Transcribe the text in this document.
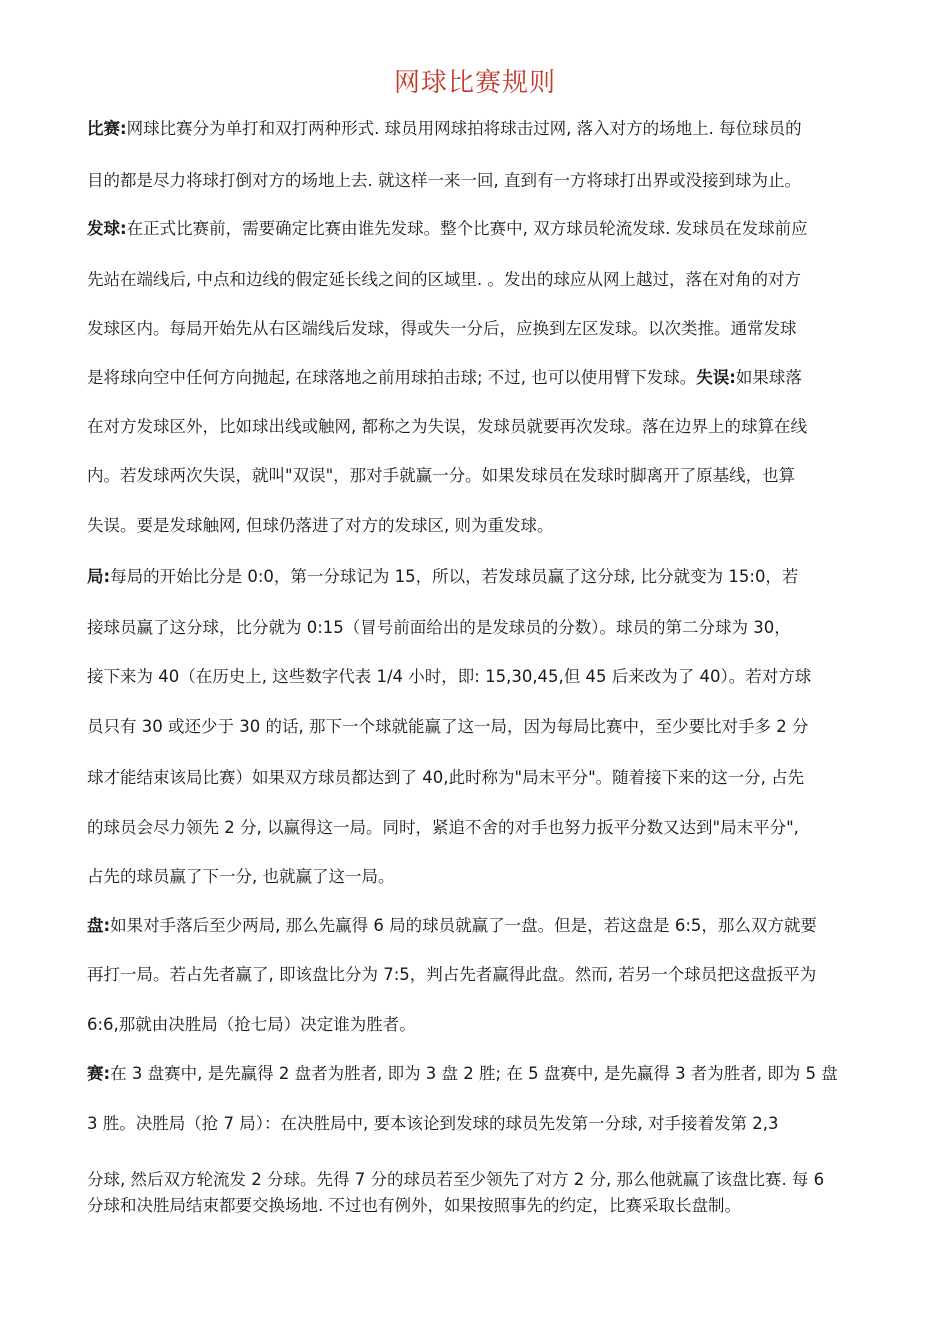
网球比赛规则
比赛:网球比赛分为单打和双打两种形式. 球员用网球拍将球击过网, 落入对方的场地上. 每位球员的
目的都是尽力将球打倒对方的场地上去. 就这样一来一回, 直到有一方将球打出界或没接到球为止。
发球:在正式比赛前，需要确定比赛由谁先发球。整个比赛中, 双方球员轮流发球. 发球员在发球前应
先站在端线后, 中点和边线的假定延长线之间的区域里. 。发出的球应从网上越过，落在对角的对方
发球区内。每局开始先从右区端线后发球，得或失一分后，应换到左区发球。以次类推。通常发球
是将球向空中任何方向抛起, 在球落地之前用球拍击球; 不过, 也可以使用臂下发球。失误:如果球落
在对方发球区外，比如球出线或触网, 都称之为失误，发球员就要再次发球。落在边界上的球算在线
内。若发球两次失误，就叫"双误"，那对手就赢一分。如果发球员在发球时脚离开了原基线，也算
失误。要是发球触网, 但球仍落进了对方的发球区, 则为重发球。
局:每局的开始比分是 0:0，第一分球记为 15，所以，若发球员赢了这分球, 比分就变为 15:0，若
接球员赢了这分球，比分就为 0:15（冒号前面给出的是发球员的分数）。球员的第二分球为 30，
接下来为 40（在历史上, 这些数字代表 1/4 小时，即: 15,30,45,但 45 后来改为了 40）。若对方球
员只有 30 或还少于 30 的话, 那下一个球就能赢了这一局，因为每局比赛中，至少要比对手多 2 分
球才能结束该局比赛）如果双方球员都达到了 40,此时称为"局末平分"。随着接下来的这一分, 占先
的球员会尽力领先 2 分, 以赢得这一局。同时，紧追不舍的对手也努力扳平分数又达到"局末平分",
占先的球员赢了下一分, 也就赢了这一局。
盘:如果对手落后至少两局, 那么先赢得 6 局的球员就赢了一盘。但是，若这盘是 6:5，那么双方就要
再打一局。若占先者赢了, 即该盘比分为 7:5，判占先者赢得此盘。然而, 若另一个球员把这盘扳平为
6:6,那就由决胜局（抢七局）决定谁为胜者。
赛:在 3 盘赛中, 是先赢得 2 盘者为胜者, 即为 3 盘 2 胜; 在 5 盘赛中, 是先赢得 3 者为胜者, 即为 5 盘
3 胜。决胜局（抢 7 局）：在决胜局中, 要本该论到发球的球员先发第一分球, 对手接着发第 2,3
分球, 然后双方轮流发 2 分球。先得 7 分的球员若至少领先了对方 2 分, 那么他就赢了该盘比赛. 每 6
分球和决胜局结束都要交换场地. 不过也有例外，如果按照事先的约定，比赛采取长盘制。
